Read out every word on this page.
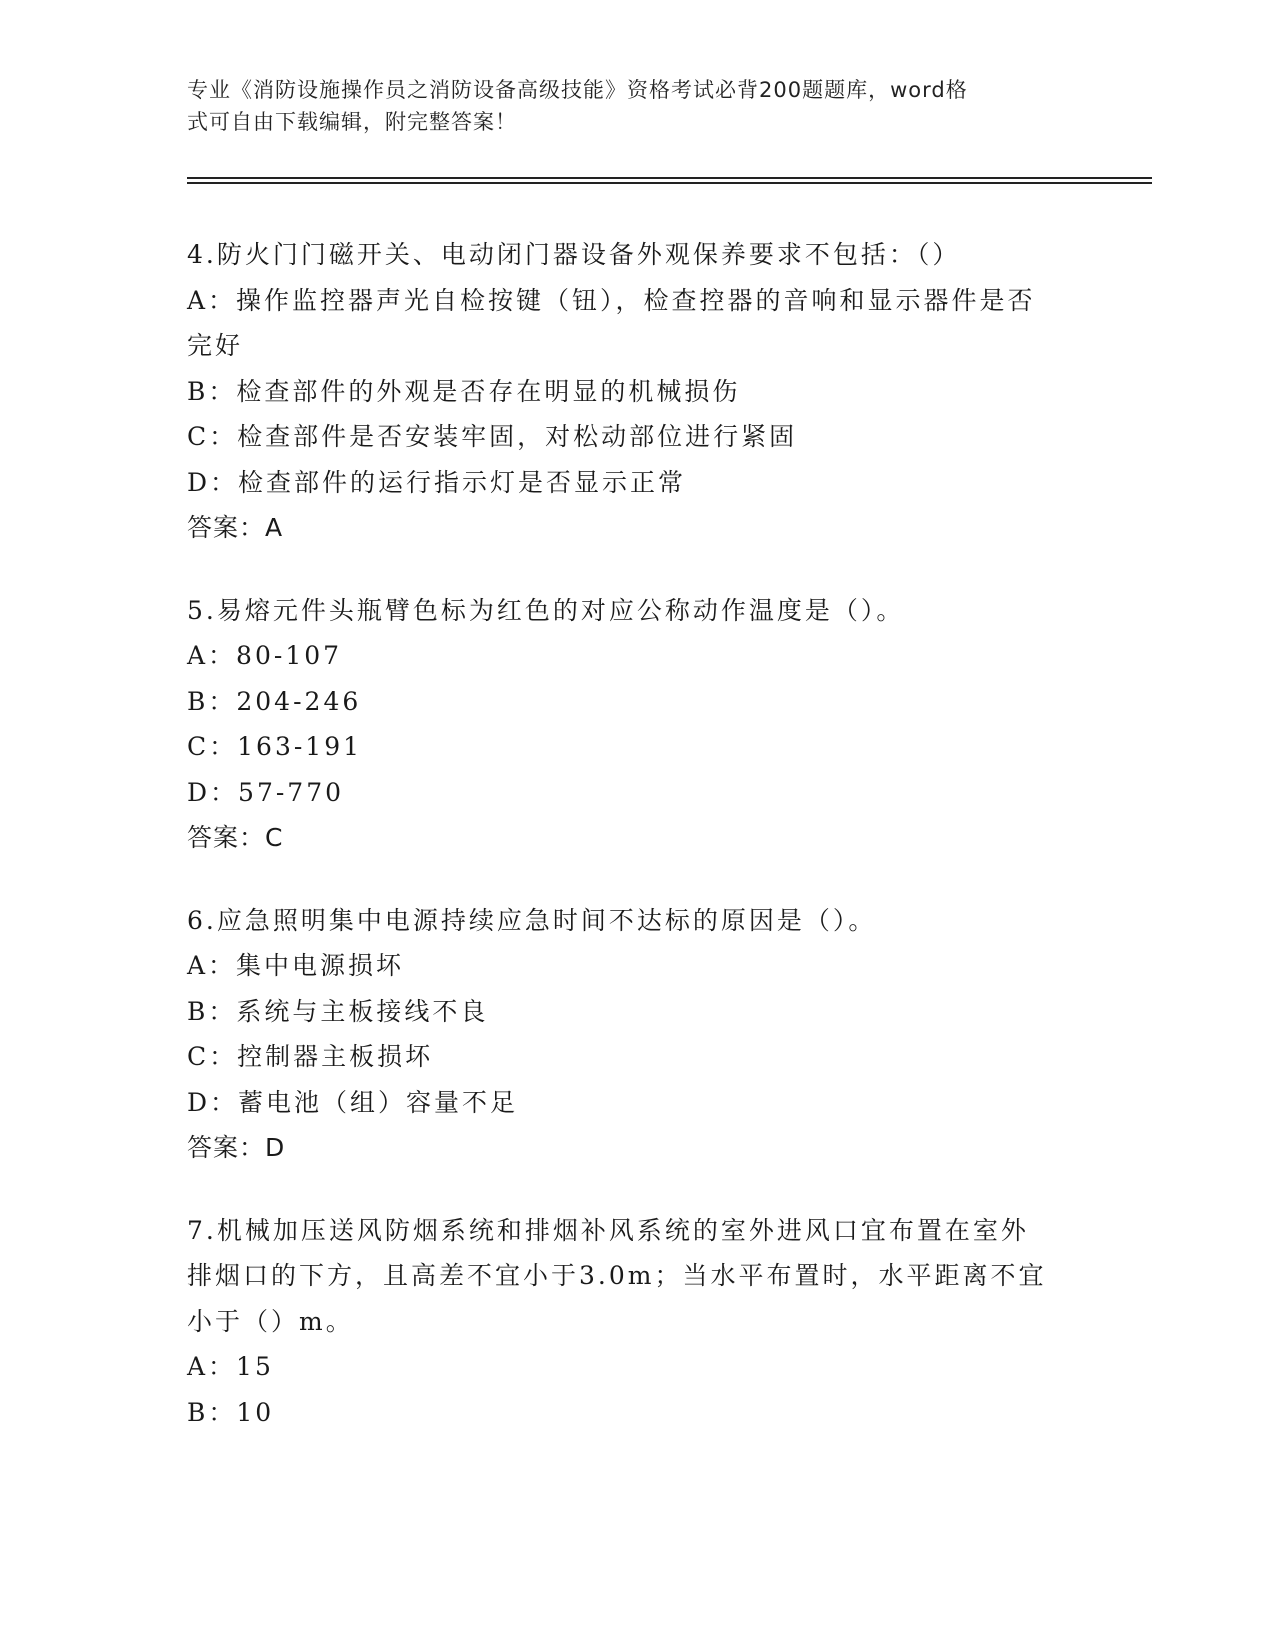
专业《消防设施操作员之消防设备高级技能》资格考试必背200题题库，word格
式可自由下载编辑，附完整答案！
4.防火门门磁开关、电动闭门器设备外观保养要求不包括：（）
A：操作监控器声光自检按键（钮），检查控器的音响和显示器件是否
完好
B：检查部件的外观是否存在明显的机械损伤
C：检查部件是否安装牢固，对松动部位进行紧固
D：检查部件的运行指示灯是否显示正常
答案：A
5.易熔元件头瓶臂色标为红色的对应公称动作温度是（）。
A：80-107
B：204-246
C：163-191
D：57-770
答案：C
6.应急照明集中电源持续应急时间不达标的原因是（）。
A：集中电源损坏
B：系统与主板接线不良
C：控制器主板损坏
D：蓄电池（组）容量不足
答案：D
7.机械加压送风防烟系统和排烟补风系统的室外进风口宜布置在室外
排烟口的下方，且高差不宜小于3.0m；当水平布置时，水平距离不宜
小于（）m。
A：15
B：10
